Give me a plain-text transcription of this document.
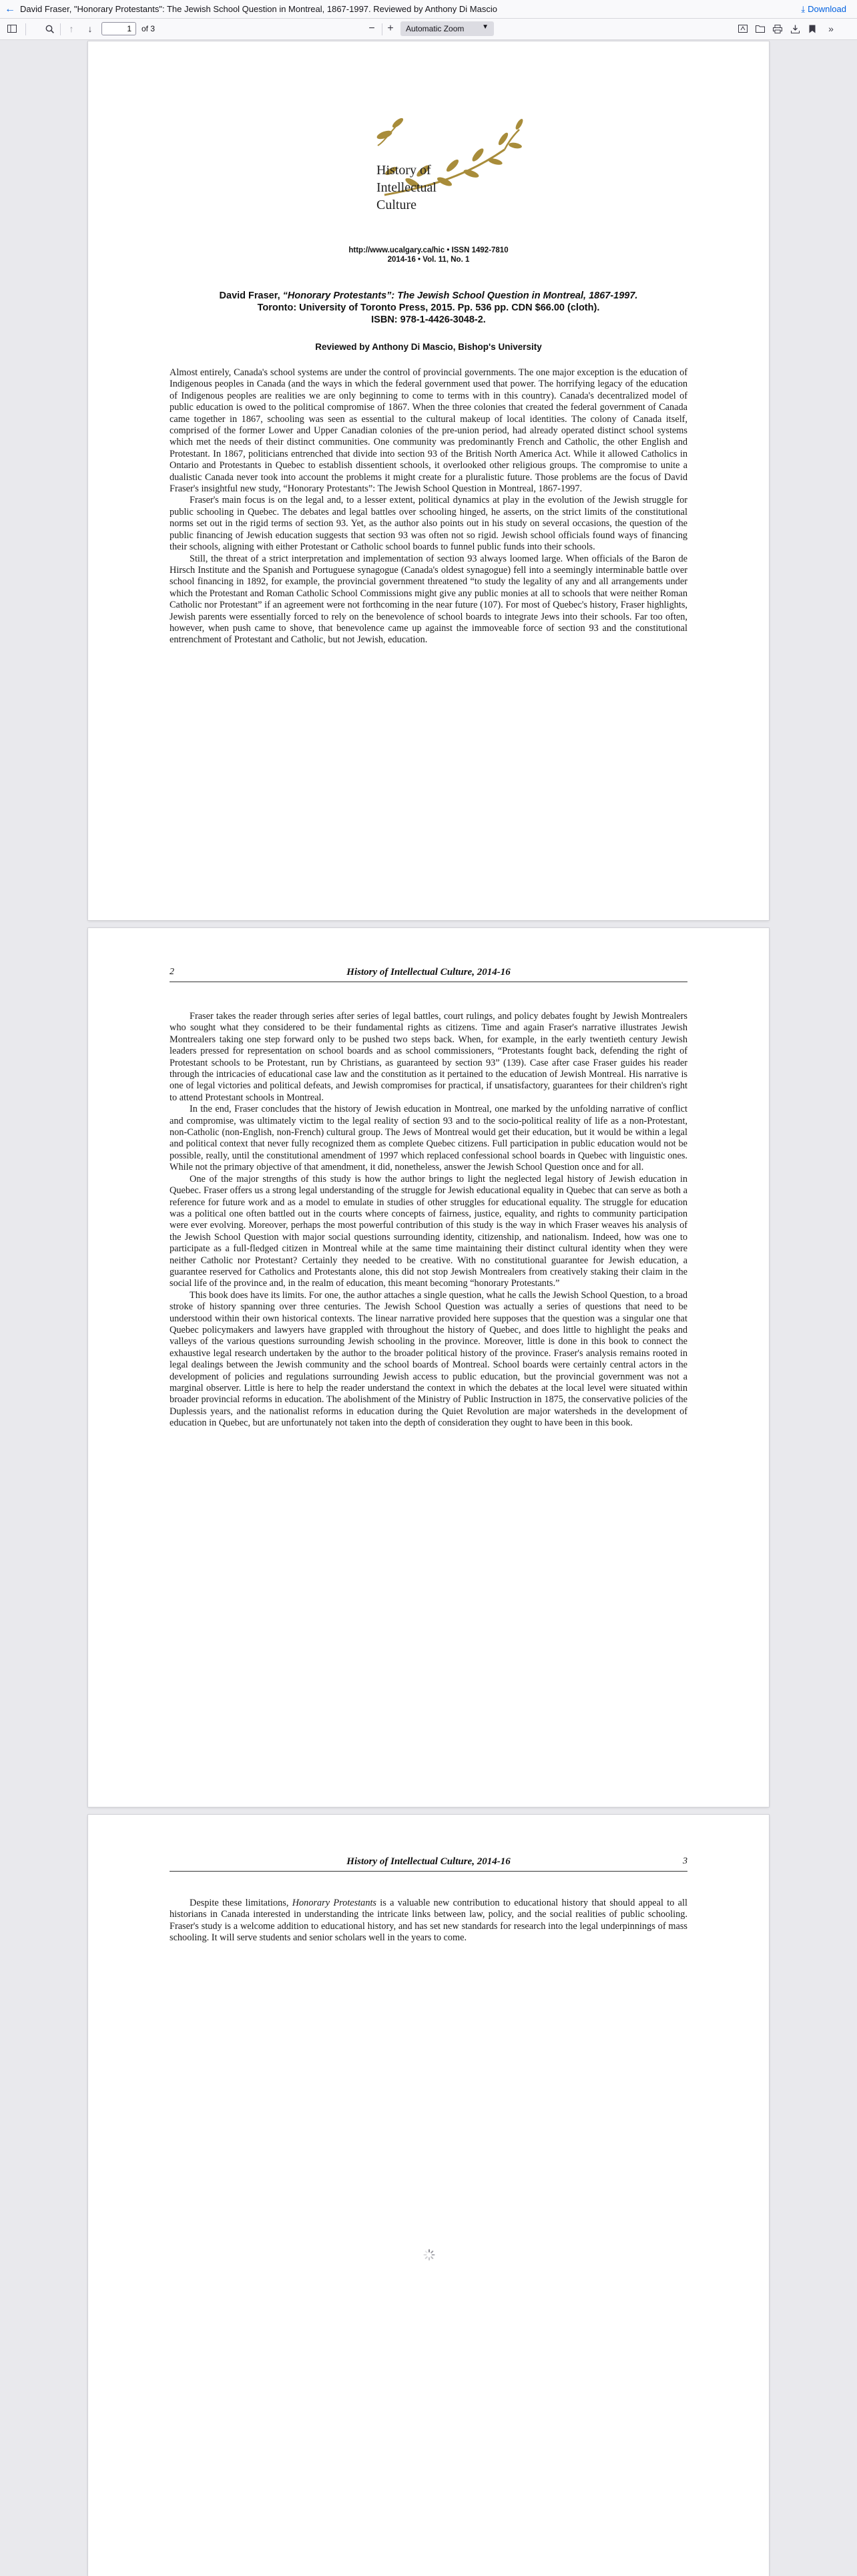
← David Fraser, "Honorary Protestants": The Jewish School Question in Montreal, 1867-1997. Reviewed by Anthony Di Mascio	⤓ Download
↑	↓
1	of 3	−	+	Automatic Zoom	▼	»
History of
Intellectual
Culture
http://www.ucalgary.ca/hic • ISSN 1492-7810
2014-16 • Vol. 11, No. 1
David Fraser, “Honorary Protestants”: The Jewish School Question in Montreal, 1867-1997.
Toronto: University of Toronto Press, 2015. Pp. 536 pp. CDN $66.00 (cloth).
ISBN: 978-1-4426-3048-2.
Reviewed by Anthony Di Mascio, Bishop's University

Almost entirely, Canada's school systems are under the control of provincial governments. The one major exception is the education of Indigenous peoples in Canada (and the ways in which the federal government used that power. The horrifying legacy of the education of Indigenous peoples are realities we are only beginning to come to terms with in this country). Canada's decentralized model of public education is owed to the political compromise of 1867. When the three colonies that created the federal government of Canada came together in 1867, schooling was seen as essential to the cultural makeup of local identities. The colony of Canada itself, comprised of the former Lower and Upper Canadian colonies of the pre-union period, had already operated distinct school systems which met the needs of their distinct communities. One community was predominantly French and Catholic, the other English and Protestant. In 1867, politicians entrenched that divide into section 93 of the British North America Act. While it allowed Catholics in Ontario and Protestants in Quebec to establish dissentient schools, it overlooked other religious groups. The compromise to unite a dualistic Canada never took into account the problems it might create for a pluralistic future. Those problems are the focus of David Fraser's insightful new study, “Honorary Protestants”: The Jewish School Question in Montreal, 1867-1997.

Fraser's main focus is on the legal and, to a lesser extent, political dynamics at play in the evolution of the Jewish struggle for public schooling in Quebec. The debates and legal battles over schooling hinged, he asserts, on the strict limits of the constitutional norms set out in the rigid terms of section 93. Yet, as the author also points out in his study on several occasions, the question of the public financing of Jewish education suggests that section 93 was often not so rigid. Jewish school officials found ways of financing their schools, aligning with either Protestant or Catholic school boards to funnel public funds into their schools.

Still, the threat of a strict interpretation and implementation of section 93 always loomed large. When officials of the Baron de Hirsch Institute and the Spanish and Portuguese synagogue (Canada's oldest synagogue) fell into a seemingly interminable battle over school financing in 1892, for example, the provincial government threatened “to study the legality of any and all arrangements under which the Protestant and Roman Catholic School Commissions might give any public monies at all to schools that were neither Roman Catholic nor Protestant” if an agreement were not forthcoming in the near future (107). For most of Quebec's history, Fraser highlights, Jewish parents were essentially forced to rely on the benevolence of school boards to integrate Jews into their schools. Far too often, however, when push came to shove, that benevolence came up against the immoveable force of section 93 and the constitutional entrenchment of Protestant and Catholic, but not Jewish, education.

2	History of Intellectual Culture, 2014-16

Fraser takes the reader through series after series of legal battles, court rulings, and policy debates fought by Jewish Montrealers who sought what they considered to be their fundamental rights as citizens. Time and again Fraser's narrative illustrates Jewish Montrealers taking one step forward only to be pushed two steps back. When, for example, in the early twentieth century Jewish leaders pressed for representation on school boards and as school commissioners, “Protestants fought back, defending the right of Protestant schools to be Protestant, run by Christians, as guaranteed by section 93” (139). Case after case Fraser guides his reader through the intricacies of educational case law and the constitution as it pertained to the education of Jewish Montreal. His narrative is one of legal victories and political defeats, and Jewish compromises for practical, if unsatisfactory, guarantees for their children's right to attend Protestant schools in Montreal.

In the end, Fraser concludes that the history of Jewish education in Montreal, one marked by the unfolding narrative of conflict and compromise, was ultimately victim to the legal reality of section 93 and to the socio-political reality of life as a non-Protestant, non-Catholic (non-English, non-French) cultural group. The Jews of Montreal would get their education, but it would be within a legal and political context that never fully recognized them as complete Quebec citizens. Full participation in public education would not be possible, really, until the constitutional amendment of 1997 which replaced confessional school boards in Quebec with linguistic ones. While not the primary objective of that amendment, it did, nonetheless, answer the Jewish School Question once and for all.

One of the major strengths of this study is how the author brings to light the neglected legal history of Jewish education in Quebec. Fraser offers us a strong legal understanding of the struggle for Jewish educational equality in Quebec that can serve as both a reference for future work and as a model to emulate in studies of other struggles for educational equality. The struggle for education was a political one often battled out in the courts where concepts of fairness, justice, equality, and rights to community participation were ever evolving. Moreover, perhaps the most powerful contribution of this study is the way in which Fraser weaves his analysis of the Jewish School Question with major social questions surrounding identity, citizenship, and nationalism. Indeed, how was one to participate as a full-fledged citizen in Montreal while at the same time maintaining their distinct cultural identity when they were neither Catholic nor Protestant? Certainly they needed to be creative. With no constitutional guarantee for Jewish education, a guarantee reserved for Catholics and Protestants alone, this did not stop Jewish Montrealers from creatively staking their claim in the social life of the province and, in the realm of education, this meant becoming “honorary Protestants.”

This book does have its limits. For one, the author attaches a single question, what he calls the Jewish School Question, to a broad stroke of history spanning over three centuries. The Jewish School Question was actually a series of questions that need to be understood within their own historical contexts. The linear narrative provided here supposes that the question was a singular one that Quebec policymakers and lawyers have grappled with throughout the history of Quebec, and does little to highlight the peaks and valleys of the various questions surrounding Jewish schooling in the province. Moreover, little is done in this book to connect the exhaustive legal research undertaken by the author to the broader political history of the province. Fraser's analysis remains rooted in legal dealings between the Jewish community and the school boards of Montreal. School boards were certainly central actors in the development of policies and regulations surrounding Jewish access to public education, but the provincial government was not a marginal observer. Little is here to help the reader understand the context in which the debates at the local level were situated within broader provincial reforms in education. The abolishment of the Ministry of Public Instruction in 1875, the conservative policies of the Duplessis years, and the nationalist reforms in education during the Quiet Revolution are major watersheds in the development of education in Quebec, but are unfortunately not taken into the depth of consideration they ought to have been in this book.

History of Intellectual Culture, 2014-16	3

Despite these limitations, Honorary Protestants is a valuable new contribution to educational history that should appeal to all historians in Canada interested in understanding the intricate links between law, policy, and the social realities of public schooling. Fraser's study is a welcome addition to educational history, and has set new standards for research into the legal underpinnings of mass schooling. It will serve students and senior scholars well in the years to come.
